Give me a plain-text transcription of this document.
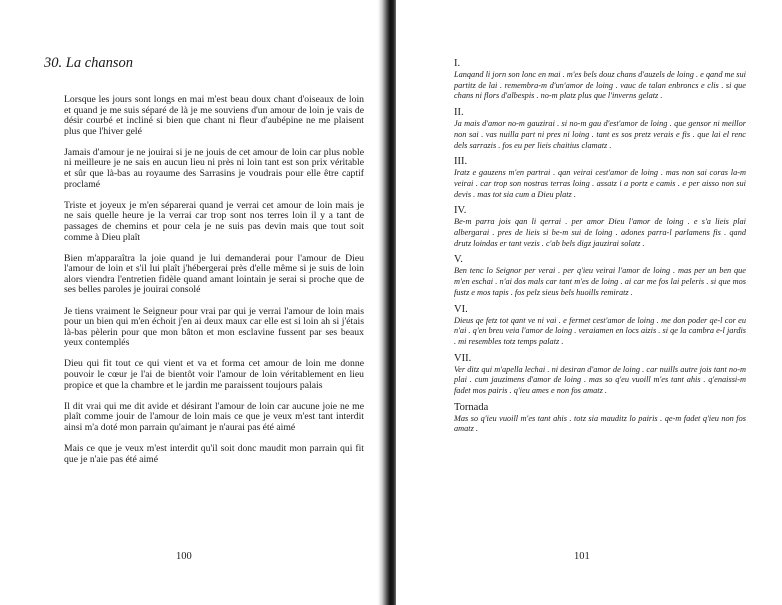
30. La chanson

Lorsque les jours sont longs en mai m'est beau doux chant d'oiseaux de loin et quand je me suis séparé de là je me souviens d'un amour de loin je vais de désir courbé et incliné si bien que chant ni fleur d'aubépine ne me plaisent plus que l'hiver gelé

Jamais d'amour je ne jouirai si je ne jouis de cet amour de loin car plus noble ni meilleure je ne sais en aucun lieu ni près ni loin tant est son prix véritable et sûr que là-bas au royaume des Sarrasins je voudrais pour elle être captif proclamé

Triste et joyeux je m'en séparerai quand je verrai cet amour de loin mais je ne sais quelle heure je la verrai car trop sont nos terres loin il y a tant de passages de chemins et pour cela je ne suis pas devin mais que tout soit comme à Dieu plaît

Bien m'apparaîtra la joie quand je lui demanderai pour l'amour de Dieu l'amour de loin et s'il lui plaît j'hébergerai près d'elle même si je suis de loin alors viendra l'entretien fidèle quand amant lointain je serai si proche que de ses belles paroles je jouirai consolé

Je tiens vraiment le Seigneur pour vrai par qui je verrai l'amour de loin mais pour un bien qui m'en échoit j'en ai deux maux car elle est si loin ah si j'étais là-bas pèlerin pour que mon bâton et mon esclavine fussent par ses beaux yeux contemplés

Dieu qui fit tout ce qui vient et va et forma cet amour de loin me donne pouvoir le cœur je l'ai de bientôt voir l'amour de loin véritablement en lieu propice et que la chambre et le jardin me paraissent toujours palais

Il dit vrai qui me dit avide et désirant l'amour de loin car aucune joie ne me plaît comme jouir de l'amour de loin mais ce que je veux m'est tant interdit ainsi m'a doté mon parrain qu'aimant je n'aurai pas été aimé

Mais ce que je veux m'est interdit qu'il soit donc maudit mon parrain qui fit que je n'aie pas été aimé

100

I.
Lanqand li jorn son lonc en mai . m'es bels douz chans d'auzels de loing . e qand me sui partitz de lai . remembra-m d'un'amor de loing . vauc de talan enbroncs e clis . si que chans ni flors d'albespis . no-m platz plus que l'inverns gelatz .
II.
Ja mais d'amor no-m gauzirai . si no-m gau d'est'amor de loing . que gensor ni meillor non sai . vas nuilla part ni pres ni loing . tant es sos pretz verais e fis . que lai el renc dels sarrazis . fos eu per lieis chaitius clamatz .
III.
Iratz e gauzens m'en partrai . qan veirai cest'amor de loing . mas non sai coras la-m veirai . car trop son nostras terras loing . assatz i a portz e camis . e per aisso non sui devis . mas tot sia cum a Dieu platz .
IV.
Be-m parra jois qan li qerrai . per amor Dieu l'amor de loing . e s'a lieis plai albergarai . pres de lieis si be-m sui de loing . adones parra-l parlamens fis . qand drutz loindas er tant vezis . c'ab bels digz jauzirai solatz .
V.
Ben tenc lo Seignor per verai . per q'ieu veirai l'amor de loing . mas per un ben que m'en eschai . n'ai dos mals car tant m'es de loing . ai car me fos lai peleris . si que mos fustz e mos tapis . fos pelz sieus bels huoills remiratz .
VI.
Dieus qe fetz tot qant ve ni vai . e fermet cest'amor de loing . me don poder qe-l cor eu n'ai . q'en breu veia l'amor de loing . veraiamen en locs aizis . si qe la cambra e-l jardis . mi resembles totz temps palatz .
VII.
Ver ditz qui m'apella lechai . ni desiran d'amor de loing . car nuills autre jois tant no-m plai . cum jauzimens d'amor de loing . mas so q'eu vuoill m'es tant ahis . q'enaissi-m fadet mos pairis . q'ieu ames e non fos amatz .
Tornada
Mas so q'ieu vuoill m'es tant ahis . totz sia mauditz lo pairis . qe-m fadet q'ieu non fos amatz .

101
